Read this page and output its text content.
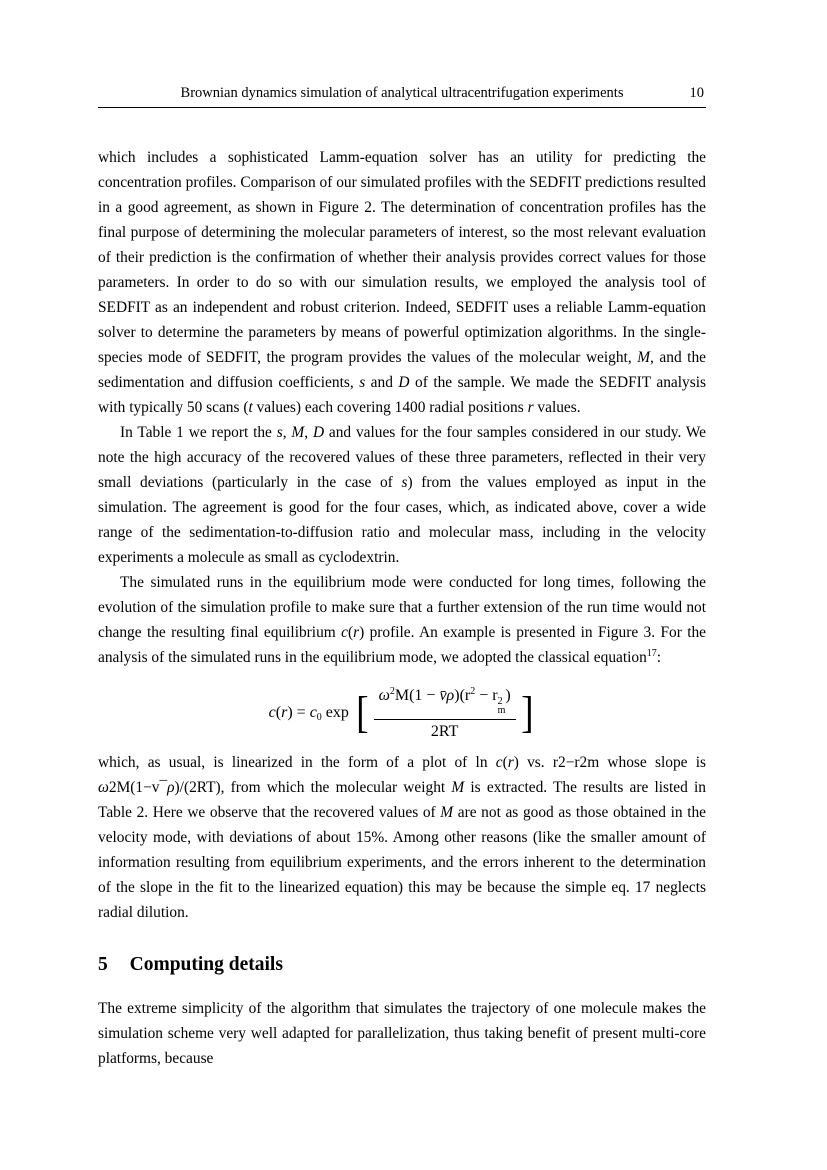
Brownian dynamics simulation of analytical ultracentrifugation experiments	10

which includes a sophisticated Lamm-equation solver has an utility for predicting the concentration profiles. Comparison of our simulated profiles with the SEDFIT predictions resulted in a good agreement, as shown in Figure 2. The determination of concentration profiles has the final purpose of determining the molecular parameters of interest, so the most relevant evaluation of their prediction is the confirmation of whether their analysis provides correct values for those parameters. In order to do so with our simulation results, we employed the analysis tool of SEDFIT as an independent and robust criterion. Indeed, SEDFIT uses a reliable Lamm-equation solver to determine the parameters by means of powerful optimization algorithms. In the single-species mode of SEDFIT, the program provides the values of the molecular weight, M, and the sedimentation and diffusion coefficients, s and D of the sample. We made the SEDFIT analysis with typically 50 scans (t values) each covering 1400 radial positions r values.

In Table 1 we report the s, M, D and values for the four samples considered in our study. We note the high accuracy of the recovered values of these three parameters, reflected in their very small deviations (particularly in the case of s) from the values employed as input in the simulation. The agreement is good for the four cases, which, as indicated above, cover a wide range of the sedimentation-to-diffusion ratio and molecular mass, including in the velocity experiments a molecule as small as cyclodextrin.

The simulated runs in the equilibrium mode were conducted for long times, following the evolution of the simulation profile to make sure that a further extension of the run time would not change the resulting final equilibrium c(r) profile. An example is presented in Figure 3. For the analysis of the simulated runs in the equilibrium mode, we adopted the classical equation$^{17}$:

$c(r) = c_0$ exp [ $\omega^2M(1$ − $v̄\rho)(r^2 - r$ 2
m
)
2RT ]

which, as usual, is linearized in the form of a plot of ln c(r) vs. r2−r2m whose slope is ω2M(1−v¯ρ)/(2RT), from which the molecular weight M is extracted. The results are listed in Table 2. Here we observe that the recovered values of M are not as good as those obtained in the velocity mode, with deviations of about 15%. Among other reasons (like the smaller amount of information resulting from equilibrium experiments, and the errors inherent to the determination of the slope in the fit to the linearized equation) this may be because the simple eq. 17 neglects radial dilution.

5 Computing details

The extreme simplicity of the algorithm that simulates the trajectory of one molecule makes the simulation scheme very well adapted for parallelization, thus taking benefit of present multi-core platforms, because
